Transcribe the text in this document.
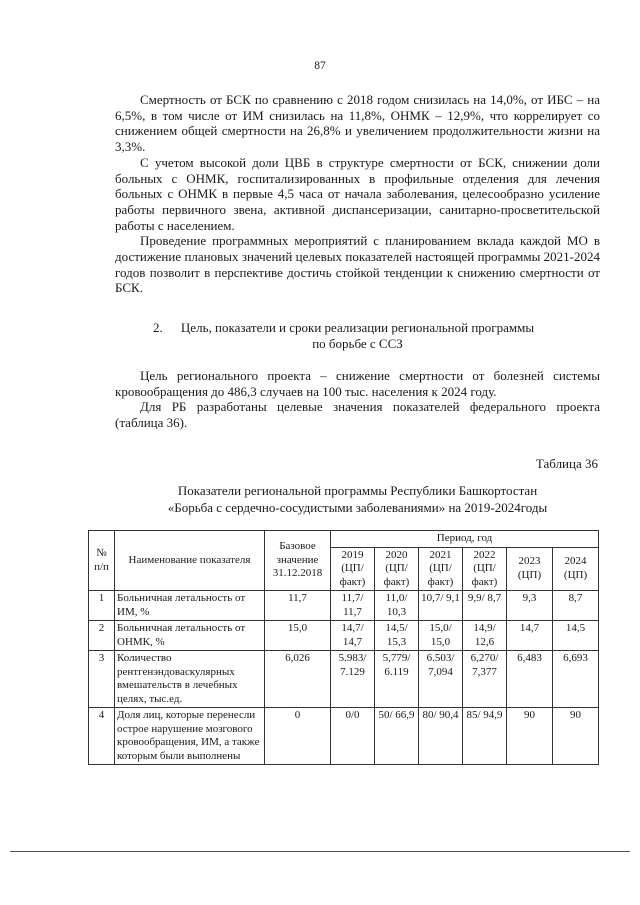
87

Смертность от БСК по сравнению с 2018 годом снизилась на 14,0%, от ИБС – на 6,5%, в том числе от ИМ снизилась на 11,8%, ОНМК – 12,9%, что коррелирует со снижением общей смертности на 26,8% и увеличением продолжительности жизни на 3,3%.

С учетом высокой доли ЦВБ в структуре смертности от БСК, снижении доли больных с ОНМК, госпитализированных в профильные отделения для лечения больных с ОНМК в первые 4,5 часа от начала заболевания, целесообразно усиление работы первичного звена, активной диспансеризации, санитарно-просветительской работы с населением.

Проведение программных мероприятий с планированием вклада каждой МО в достижение плановых значений целевых показателей настоящей программы 2021-2024 годов позволит в перспективе достичь стойкой тенденции к снижению смертности от БСК.

2.	Цель, показатели и сроки реализации региональной программы
по борьбе с ССЗ

Цель регионального проекта – снижение смертности от болезней системы кровообращения до 486,3 случаев на 100 тыс. населения к 2024 году.

Для РБ разработаны целевые значения показателей федерального проекта (таблица 36).

Таблица 36
Показатели региональной программы Республики Башкортостан
«Борьба с сердечно-сосудистыми заболеваниями» на 2019-2024годы
№ п/п	Наименование показателя	Базовое значение 31.12.2018	Период, год					
			2019 (ЦП/ факт)	2020 (ЦП/ факт)	2021 (ЦП/ факт)	2022 (ЦП/ факт)	2023 (ЦП)	2024 (ЦП)
1	Больничная летальность от ИМ, %	11,7	11,7/ 11,7	11,0/ 10,3	10,7/ 9,1	9,9/ 8,7	9,3	8,7
2	Больничная летальность от ОНМК, %	15,0	14,7/ 14,7	14,5/ 15,3	15,0/ 15,0	14,9/ 12,6	14,7	14,5
3	Количество рентгенэндоваскулярных вмешательств в лечебных целях, тыс.ед.	6,026	5.983/ 7.129	5,779/ 6.119	6.503/ 7,094	6,270/ 7,377	6,483	6,693
4	Доля лиц, которые перенесли острое нарушение мозгового кровообращения, ИМ, а также которым были выполнены	0	0/0	50/ 66,9	80/ 90,4	85/ 94,9	90	90
